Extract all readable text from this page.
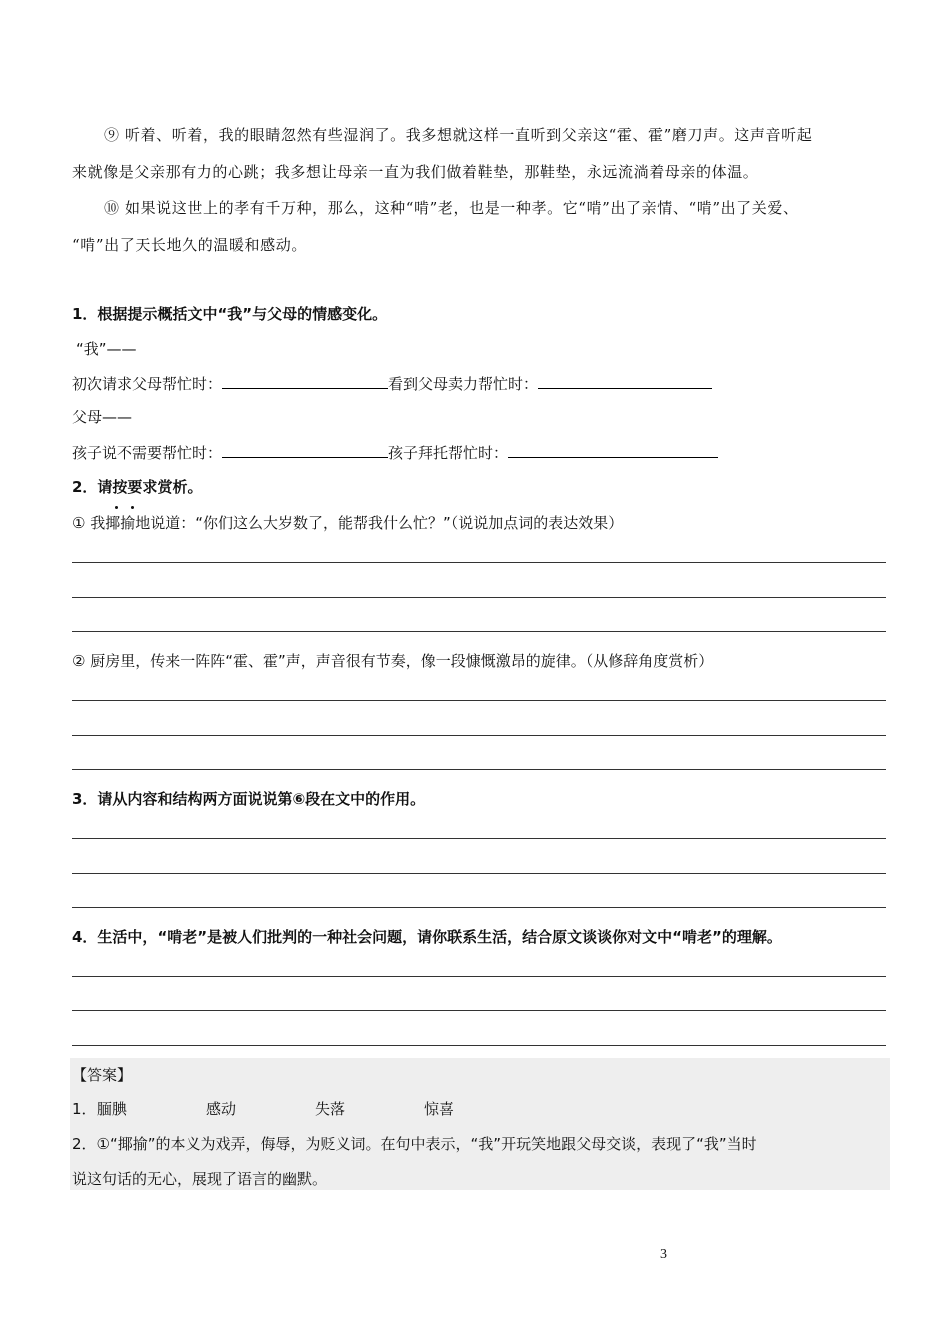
⑨ 听着、听着，我的眼睛忽然有些湿润了。我多想就这样一直听到父亲这“霍、霍”磨刀声。这声音听起
来就像是父亲那有力的心跳；我多想让母亲一直为我们做着鞋垫，那鞋垫，永远流淌着母亲的体温。
⑩ 如果说这世上的孝有千万种，那么，这种“啃”老，也是一种孝。它“啃”出了亲情、“啃”出了关爱、
“啃”出了天长地久的温暖和感动。
1．根据提示概括文中“我”与父母的情感变化。
“我”——
初次请求父母帮忙时：	看到父母卖力帮忙时：
父母——
孩子说不需要帮忙时：	孩子拜托帮忙时：
2．请按要求赏析。
① 我揶揄地说道：“你们这么大岁数了，能帮我什么忙？”（说说加点词的表达效果）
② 厨房里，传来一阵阵“霍、霍”声，声音很有节奏，像一段慷慨激昂的旋律。（从修辞角度赏析）
3．请从内容和结构两方面说说第⑥段在文中的作用。
4．生活中，“啃老”是被人们批判的一种社会问题，请你联系生活，结合原文谈谈你对文中“啃老”的理解。
【答案】
1． 腼腆	感动	失落	惊喜
2．①“揶揄”的本义为戏弄，侮辱，为贬义词。在句中表示，“我”开玩笑地跟父母交谈，表现了“我”当时
说这句话的无心，展现了语言的幽默。
3
